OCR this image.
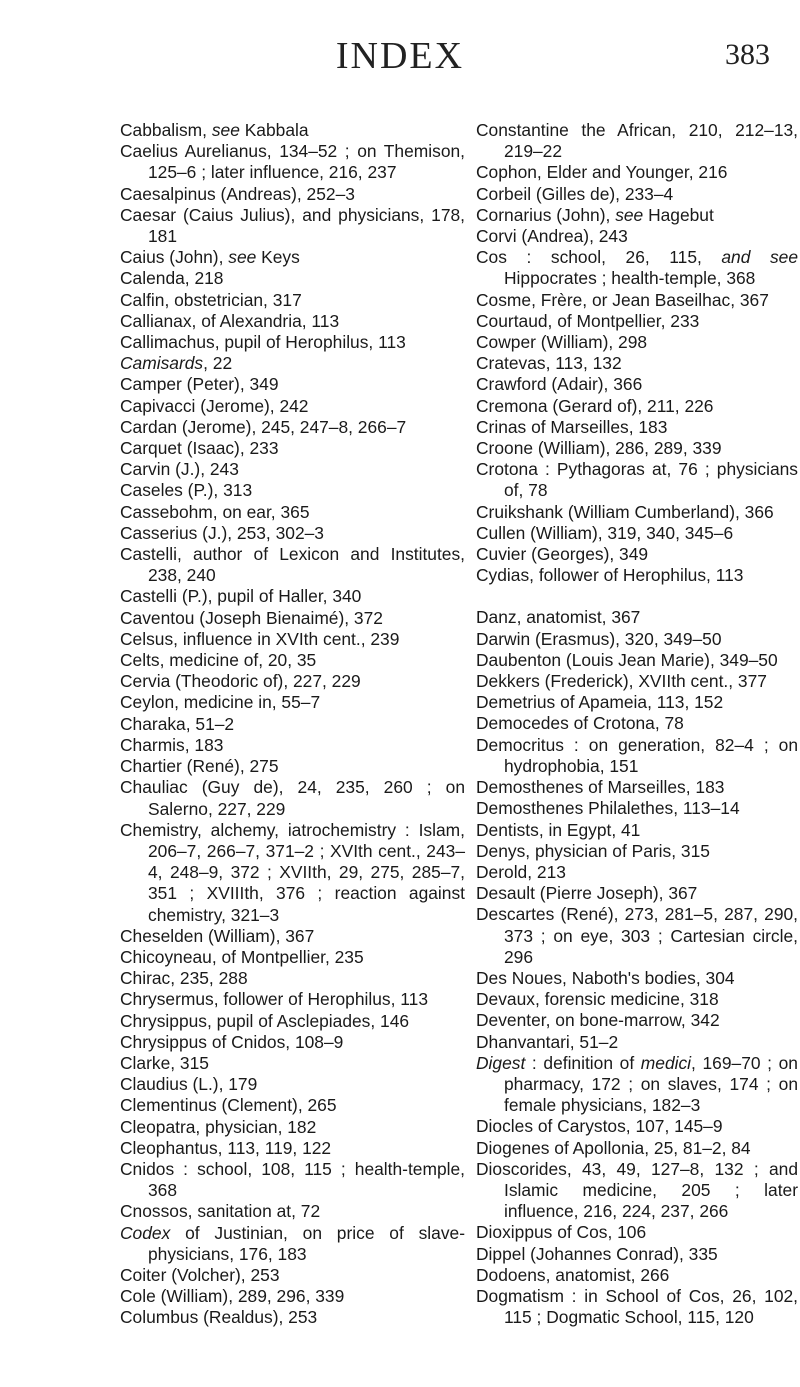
INDEX	383
Cabbalism, see Kabbala
Caelius Aurelianus, 134–52 ; on Themison, 125–6 ; later influence, 216, 237
Caesalpinus (Andreas), 252–3
Caesar (Caius Julius), and physicians, 178, 181
Caius (John), see Keys
Calenda, 218
Calfin, obstetrician, 317
Callianax, of Alexandria, 113
Callimachus, pupil of Herophilus, 113
Camisards, 22
Camper (Peter), 349
Capivacci (Jerome), 242
Cardan (Jerome), 245, 247–8, 266–7
Carquet (Isaac), 233
Carvin (J.), 243
Caseles (P.), 313
Cassebohm, on ear, 365
Casserius (J.), 253, 302–3
Castelli, author of Lexicon and Institutes, 238, 240
Castelli (P.), pupil of Haller, 340
Caventou (Joseph Bienaimé), 372
Celsus, influence in XVIth cent., 239
Celts, medicine of, 20, 35
Cervia (Theodoric of), 227, 229
Ceylon, medicine in, 55–7
Charaka, 51–2
Charmis, 183
Chartier (René), 275
Chauliac (Guy de), 24, 235, 260 ; on Salerno, 227, 229
Chemistry, alchemy, iatrochemistry : Islam, 206–7, 266–7, 371–2 ; XVIth cent., 243–4, 248–9, 372 ; XVIIth, 29, 275, 285–7, 351 ; XVIIIth, 376 ; reaction against chemistry, 321–3
Cheselden (William), 367
Chicoyneau, of Montpellier, 235
Chirac, 235, 288
Chrysermus, follower of Herophilus, 113
Chrysippus, pupil of Asclepiades, 146
Chrysippus of Cnidos, 108–9
Clarke, 315
Claudius (L.), 179
Clementinus (Clement), 265
Cleopatra, physician, 182
Cleophantus, 113, 119, 122
Cnidos : school, 108, 115 ; health-temple, 368
Cnossos, sanitation at, 72
Codex of Justinian, on price of slave-physicians, 176, 183
Coiter (Volcher), 253
Cole (William), 289, 296, 339
Columbus (Realdus), 253
Constantine the African, 210, 212–13, 219–22
Cophon, Elder and Younger, 216
Corbeil (Gilles de), 233–4
Cornarius (John), see Hagebut
Corvi (Andrea), 243
Cos : school, 26, 115, and see Hippocrates ; health-temple, 368
Cosme, Frère, or Jean Baseilhac, 367
Courtaud, of Montpellier, 233
Cowper (William), 298
Cratevas, 113, 132
Crawford (Adair), 366
Cremona (Gerard of), 211, 226
Crinas of Marseilles, 183
Croone (William), 286, 289, 339
Crotona : Pythagoras at, 76 ; physicians of, 78
Cruikshank (William Cumberland), 366
Cullen (William), 319, 340, 345–6
Cuvier (Georges), 349
Cydias, follower of Herophilus, 113
Danz, anatomist, 367
Darwin (Erasmus), 320, 349–50
Daubenton (Louis Jean Marie), 349–50
Dekkers (Frederick), XVIIth cent., 377
Demetrius of Apameia, 113, 152
Democedes of Crotona, 78
Democritus : on generation, 82–4 ; on hydrophobia, 151
Demosthenes of Marseilles, 183
Demosthenes Philalethes, 113–14
Dentists, in Egypt, 41
Denys, physician of Paris, 315
Derold, 213
Desault (Pierre Joseph), 367
Descartes (René), 273, 281–5, 287, 290, 373 ; on eye, 303 ; Cartesian circle, 296
Des Noues, Naboth's bodies, 304
Devaux, forensic medicine, 318
Deventer, on bone-marrow, 342
Dhanvantari, 51–2
Digest : definition of medici, 169–70 ; on pharmacy, 172 ; on slaves, 174 ; on female physicians, 182–3
Diocles of Carystos, 107, 145–9
Diogenes of Apollonia, 25, 81–2, 84
Dioscorides, 43, 49, 127–8, 132 ; and Islamic medicine, 205 ; later influence, 216, 224, 237, 266
Dioxippus of Cos, 106
Dippel (Johannes Conrad), 335
Dodoens, anatomist, 266
Dogmatism : in School of Cos, 26, 102, 115 ; Dogmatic School, 115, 120
